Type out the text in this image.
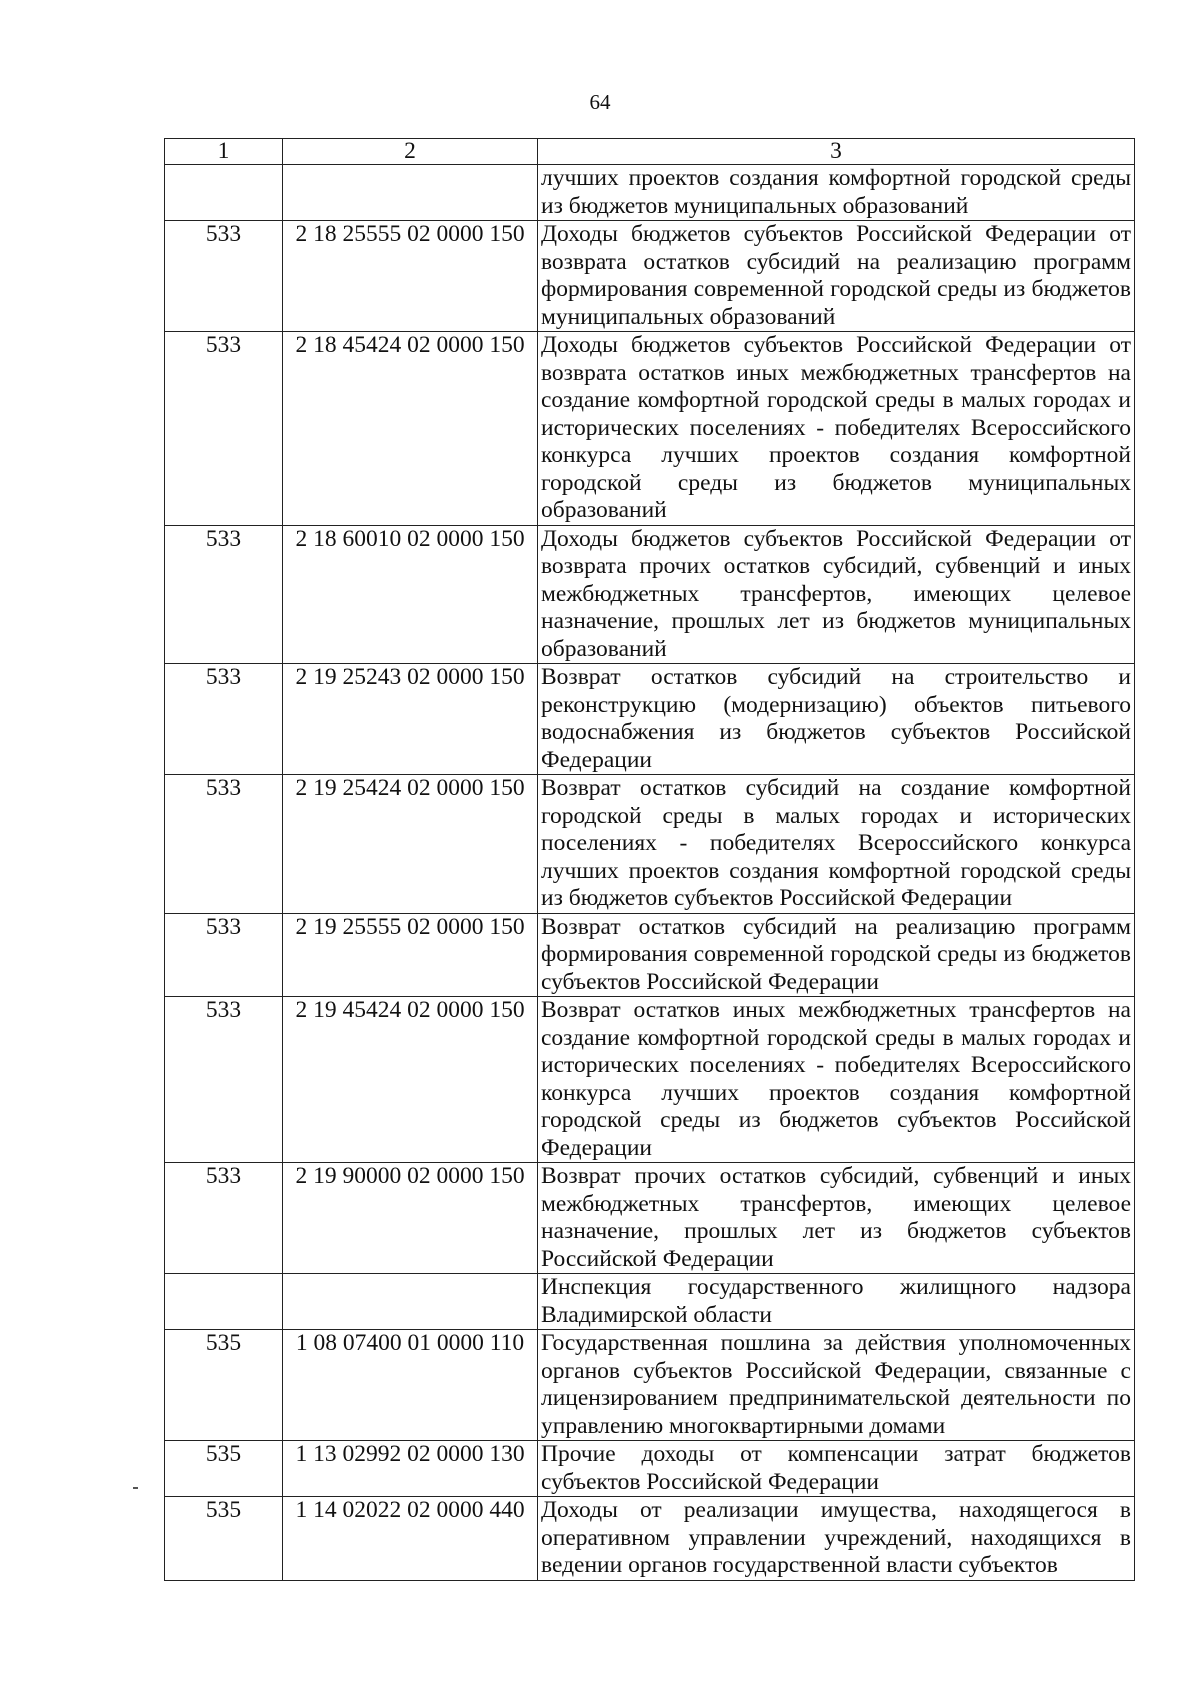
64
1	2	3
		лучших проектов создания комфортной городской среды из бюджетов муниципальных образований
533	2 18 25555 02 0000 150	Доходы бюджетов субъектов Российской Федерации от возврата остатков субсидий на реализацию программ формирования современной городской среды из бюджетов муниципальных образований
533	2 18 45424 02 0000 150	Доходы бюджетов субъектов Российской Федерации от возврата остатков иных межбюджетных трансфертов на создание комфортной городской среды в малых городах и исторических поселениях - победителях Всероссийского конкурса лучших проектов создания комфортной городской среды из бюджетов муниципальных образований
533	2 18 60010 02 0000 150	Доходы бюджетов субъектов Российской Федерации от возврата прочих остатков субсидий, субвенций и иных межбюджетных трансфертов, имеющих целевое назначение, прошлых лет из бюджетов муниципальных образований
533	2 19 25243 02 0000 150	Возврат остатков субсидий на строительство и реконструкцию (модернизацию) объектов питьевого водоснабжения из бюджетов субъектов Российской Федерации
533	2 19 25424 02 0000 150	Возврат остатков субсидий на создание комфортной городской среды в малых городах и исторических поселениях - победителях Всероссийского конкурса лучших проектов создания комфортной городской среды из бюджетов субъектов Российской Федерации
533	2 19 25555 02 0000 150	Возврат остатков субсидий на реализацию программ формирования современной городской среды из бюджетов субъектов Российской Федерации
533	2 19 45424 02 0000 150	Возврат остатков иных межбюджетных трансфертов на создание комфортной городской среды в малых городах и исторических поселениях - победителях Всероссийского конкурса лучших проектов создания комфортной городской среды из бюджетов субъектов Российской Федерации
533	2 19 90000 02 0000 150	Возврат прочих остатков субсидий, субвенций и иных межбюджетных трансфертов, имеющих целевое назначение, прошлых лет из бюджетов субъектов Российской Федерации
		Инспекция государственного жилищного надзора Владимирской области
535	1 08 07400 01 0000 110	Государственная пошлина за действия уполномоченных органов субъектов Российской Федерации, связанные с лицензированием предпринимательской деятельности по управлению многоквартирными домами
535	1 13 02992 02 0000 130	Прочие доходы от компенсации затрат бюджетов субъектов Российской Федерации
535	1 14 02022 02 0000 440	Доходы от реализации имущества, находящегося в оперативном управлении учреждений, находящихся в ведении органов государственной власти субъектов
